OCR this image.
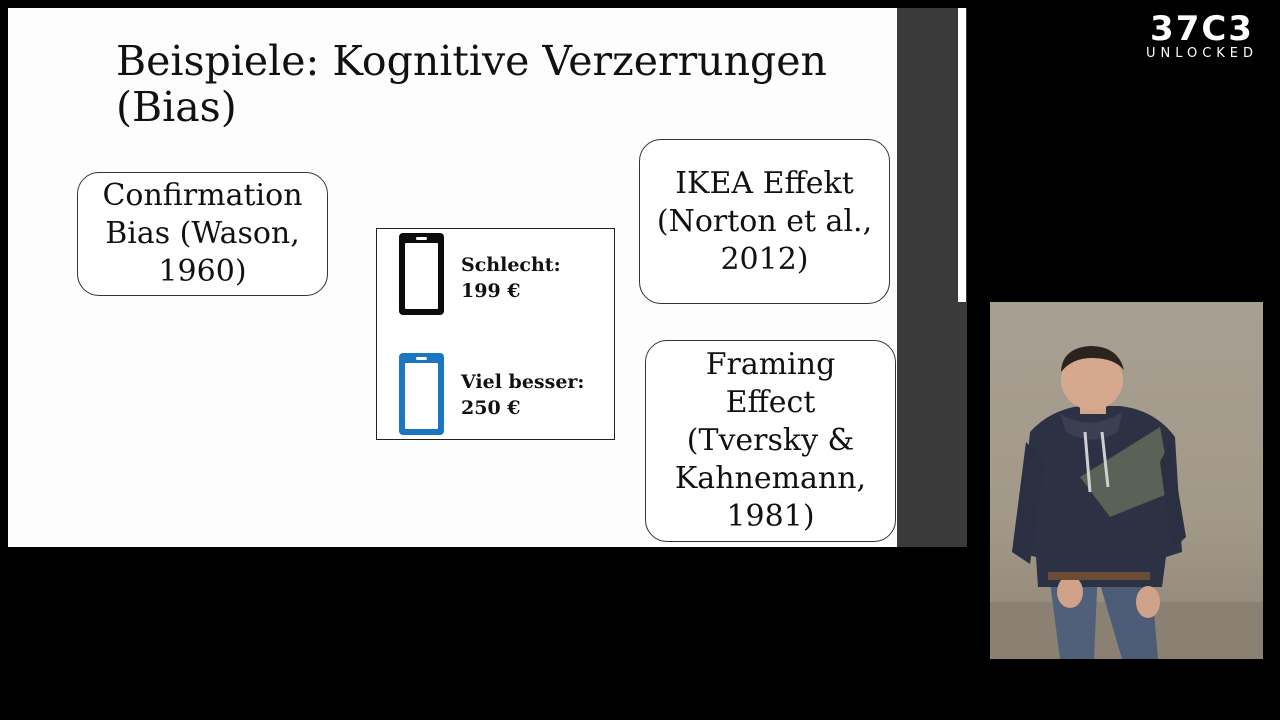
Beispiele: Kognitive Verzerrungen (Bias)
Confirmation
Bias (Wason,
1960)	Schlecht:
199 €
Viel besser:
250 €
IKEA Effekt
(Norton et al.,
2012)
Framing
Effect
(Tversky &
Kahnemann,
1981)
37C3
UNLOCKED
